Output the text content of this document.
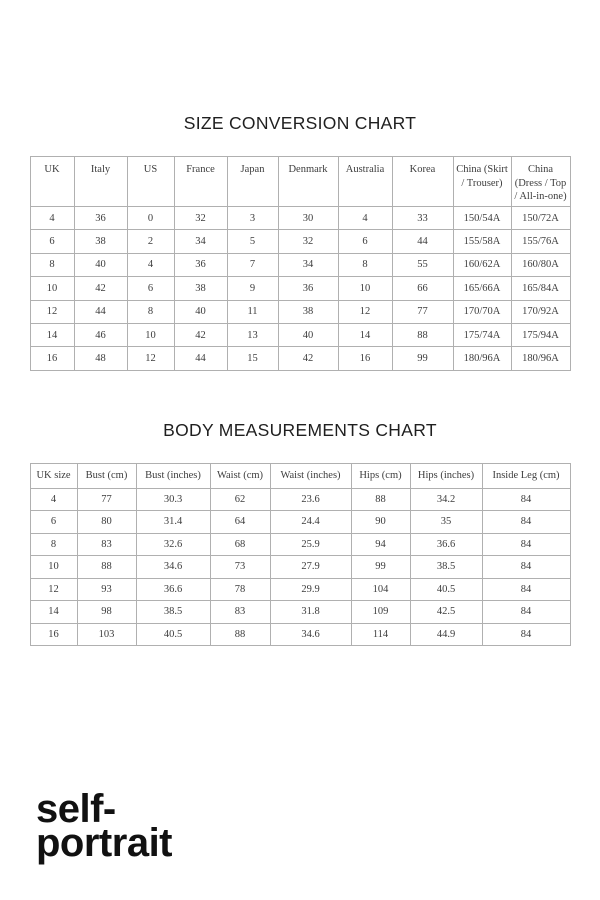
SIZE CONVERSION CHART
UK	Italy	US	France	Japan	Denmark	Australia	Korea	China (Skirt / Trouser)	China (Dress / Top / All-in-one)
4	36	0	32	3	30	4	33	150/54A	150/72A
6	38	2	34	5	32	6	44	155/58A	155/76A
8	40	4	36	7	34	8	55	160/62A	160/80A
10	42	6	38	9	36	10	66	165/66A	165/84A
12	44	8	40	11	38	12	77	170/70A	170/92A
14	46	10	42	13	40	14	88	175/74A	175/94A
16	48	12	44	15	42	16	99	180/96A	180/96A
BODY MEASUREMENTS CHART
UK size	Bust (cm)	Bust (inches)	Waist (cm)	Waist (inches)	Hips (cm)	Hips (inches)	Inside Leg (cm)
4	77	30.3	62	23.6	88	34.2	84
6	80	31.4	64	24.4	90	35	84
8	83	32.6	68	25.9	94	36.6	84
10	88	34.6	73	27.9	99	38.5	84
12	93	36.6	78	29.9	104	40.5	84
14	98	38.5	83	31.8	109	42.5	84
16	103	40.5	88	34.6	114	44.9	84
self-
portrait
